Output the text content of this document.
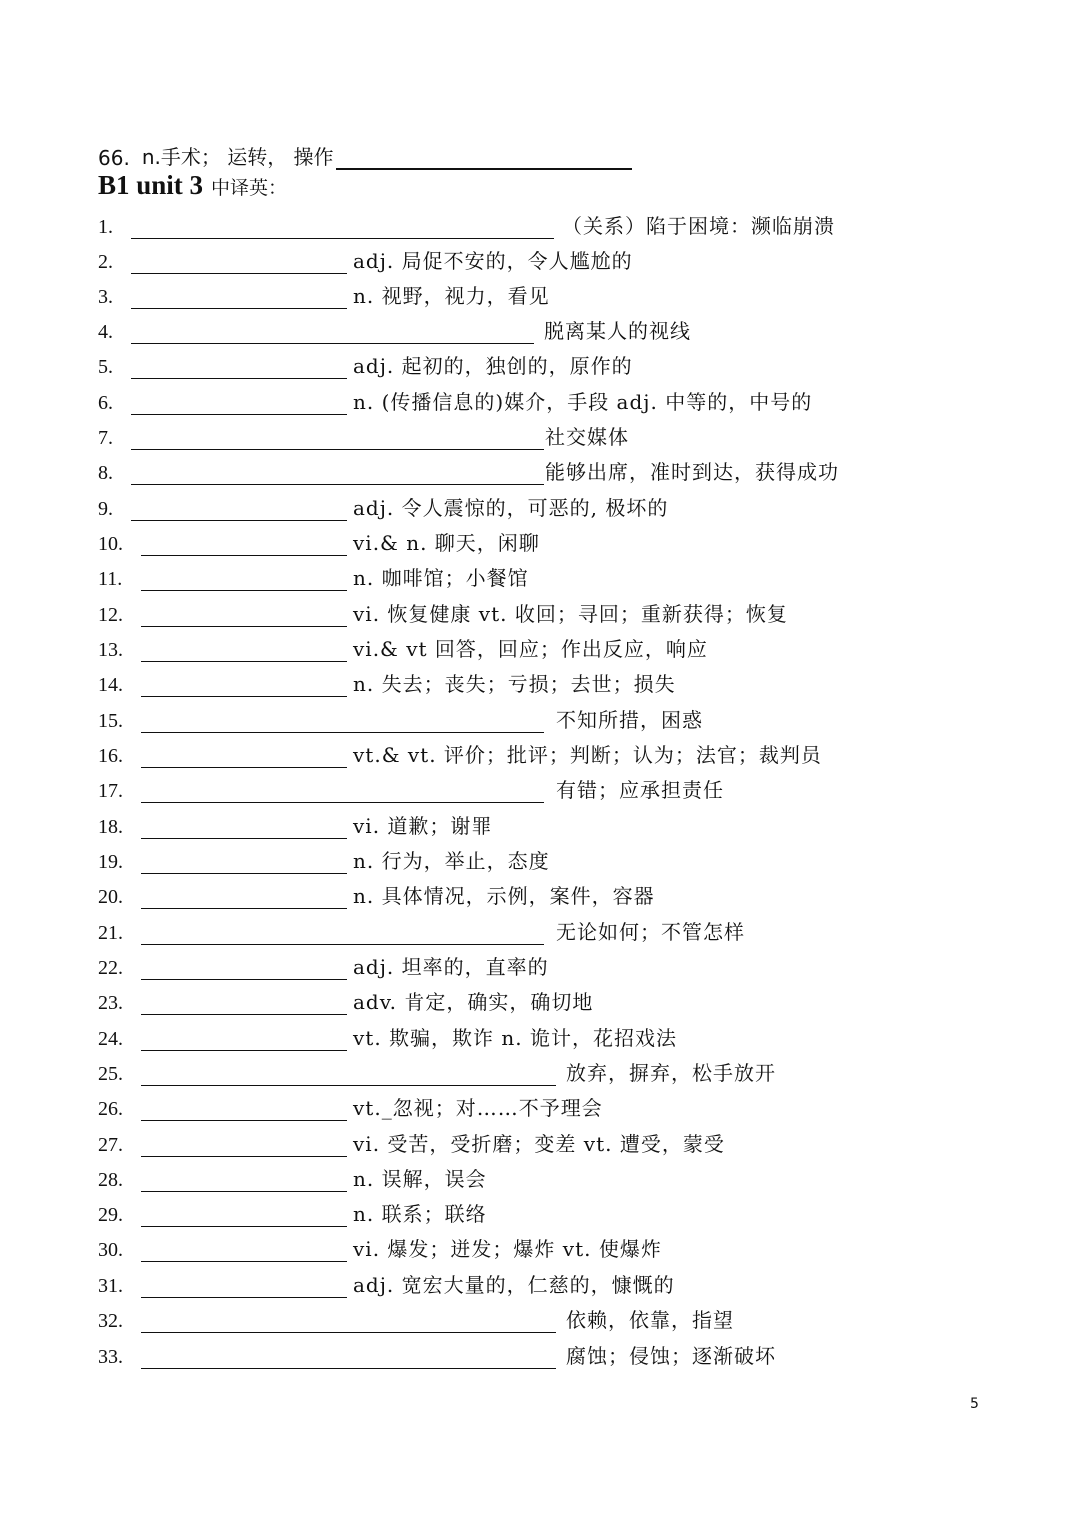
66. n.手术； 运转， 操作
B1 unit 3 中译英：
1.	（关系）陷于困境：濒临崩溃
2.	adj. 局促不安的，令人尴尬的
3.	n. 视野，视力，看见
4.	脱离某人的视线
5.	adj. 起初的，独创的，原作的
6.	n. (传播信息的)媒介，手段 adj. 中等的，中号的
7.	社交媒体
8.	能够出席，准时到达，获得成功
9.	adj. 令人震惊的，可恶的, 极坏的
10.	vi.& n. 聊天，闲聊
11.	n. 咖啡馆；小餐馆
12.	vi. 恢复健康 vt. 收回；寻回；重新获得；恢复
13.	vi.& vt 回答，回应；作出反应，响应
14.	n. 失去；丧失；亏损；去世；损失
15.	不知所措，困惑
16.	vt.& vt. 评价；批评；判断；认为；法官；裁判员
17.	有错；应承担责任
18.	vi. 道歉；谢罪
19.	n. 行为，举止，态度
20.	n. 具体情况，示例，案件，容器
21.	无论如何；不管怎样
22.	adj. 坦率的，直率的
23.	adv. 肯定，确实，确切地
24.	vt. 欺骗，欺诈 n. 诡计，花招戏法
25.	放弃，摒弃，松手放开
26.	vt._忽视；对……不予理会
27.	vi. 受苦，受折磨；变差 vt. 遭受，蒙受
28.	n. 误解，误会
29.	n. 联系；联络
30.	vi. 爆发；迸发；爆炸 vt. 使爆炸
31.	adj. 宽宏大量的，仁慈的，慷慨的
32.	依赖，依靠，指望
33.	腐蚀；侵蚀；逐渐破坏
5
